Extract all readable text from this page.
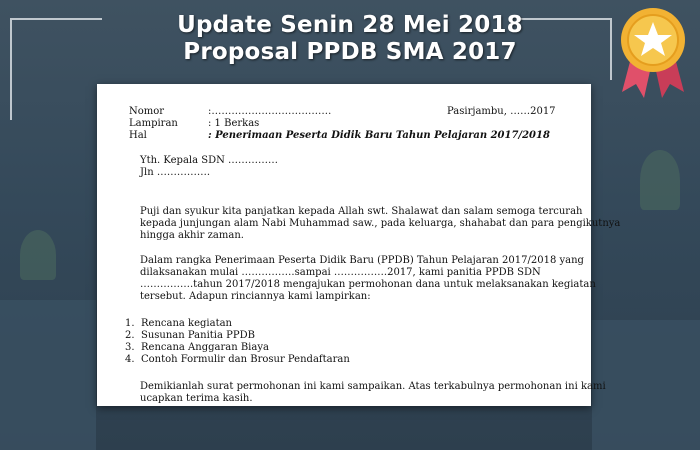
Update Senin 28 Mei 2018
Proposal PPDB SMA 2017
Nomor	:………………………………	Pasirjambu, ……2017
Lampiran	: 1 Berkas
Hal	: Penerimaan Peserta Didik Baru Tahun Pelajaran 2017/2018
Yth. Kepala SDN ……………
Jln …………….
Puji dan syukur kita panjatkan kepada Allah swt. Shalawat dan salam semoga tercurah
kepada junjungan alam Nabi Muhammad saw., pada keluarga, shahabat dan para pengikutnya
hingga akhir zaman.
Dalam rangka Penerimaan Peserta Didik Baru (PPDB) Tahun Pelajaran 2017/2018 yang
dilaksanakan mulai …………….sampai …………….2017, kami panitia PPDB SDN
…………….tahun 2017/2018 mengajukan permohonan dana untuk melaksanakan kegiatan
tersebut. Adapun rinciannya kami lampirkan:
1. Rencana kegiatan
2. Susunan Panitia PPDB
3. Rencana Anggaran Biaya
4. Contoh Formulir dan Brosur Pendaftaran
Demikianlah surat permohonan ini kami sampaikan. Atas terkabulnya permohonan ini kami
ucapkan terima kasih.
